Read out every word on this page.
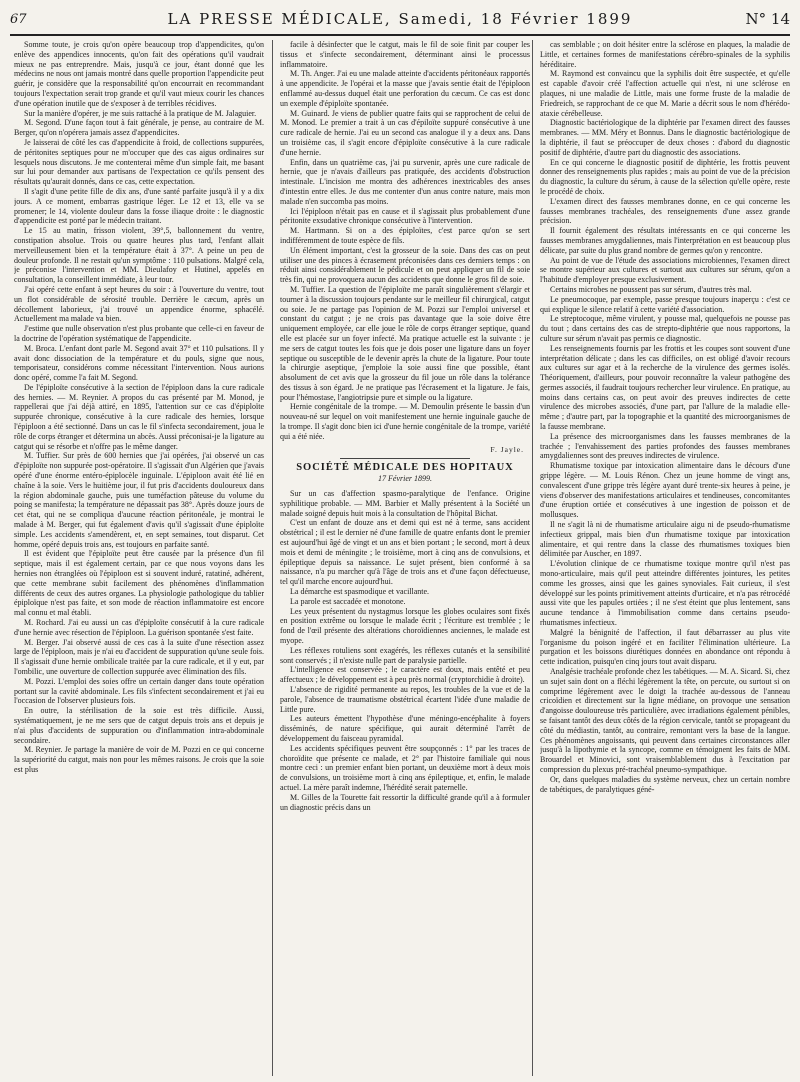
67	LA PRESSE MÉDICALE, Samedi, 18 Février 1899	N° 14

Somme toute, je crois qu'on opère beaucoup trop d'appendicites, qu'on enlève des appendices innocents, qu'on fait des opérations qu'il vaudrait mieux ne pas entreprendre. Mais, jusqu'à ce jour, étant donné que les médecins ne nous ont jamais montré dans quelle proportion l'appendicite peut guérir, je considère que la responsabilité qu'on encourrait en recommandant toujours l'expectation serait trop grande et qu'il vaut mieux courir les chances d'une opération inutile que de s'exposer à de terribles récidives.

Sur la manière d'opérer, je me suis rattaché à la pratique de M. Jalaguier.

M. Segond. D'une façon tout à fait générale, je pense, au contraire de M. Berger, qu'on n'opérera jamais assez d'appendicites.

Je laisserai de côté les cas d'appendicite à froid, de collections suppurées, de péritonites septiques pour ne m'occuper que des cas aigus ordinaires sur lesquels nous discutons. Je me contenterai même d'un simple fait, me basant sur lui pour demander aux partisans de l'expectation ce qu'ils pensent des résultats qu'aurait donnés, dans ce cas, cette expectation.

Il s'agit d'une petite fille de dix ans, d'une santé parfaite jusqu'à il y a dix jours. A ce moment, embarras gastrique léger. Le 12 et 13, elle va se promener; le 14, violente douleur dans la fosse iliaque droite : le diagnostic d'appendicite est porté par le médecin traitant.

Le 15 au matin, frisson violent, 39°,5, ballonnement du ventre, constipation absolue. Trois ou quatre heures plus tard, l'enfant allait merveilleusement bien et la température était à 37°. A peine un peu de douleur profonde. Il ne restait qu'un symptôme : 110 pulsations. Malgré cela, je préconise l'intervention et MM. Dieulafoy et Hutinel, appelés en consultation, la conseillent immédiate, à leur tour.

J'ai opéré cette enfant à sept heures du soir : à l'ouverture du ventre, tout un flot considérable de sérosité trouble. Derrière le cæcum, après un décollement laborieux, j'ai trouvé un appendice énorme, sphacélé. Actuellement ma malade va bien.

J'estime que nulle observation n'est plus probante que celle-ci en faveur de la doctrine de l'opération systématique de l'appendicite.

M. Broca. L'enfant dont parle M. Segond avait 37° et 110 pulsations. Il y avait donc dissociation de la température et du pouls, signe que nous, temporisateur, considérons comme nécessitant l'intervention. Nous aurions donc opéré, comme l'a fait M. Segond.

De l'épiploïte consécutive à la section de l'épiploon dans la cure radicale des hernies. — M. Reynier. A propos du cas présenté par M. Monod, je rappellerai que j'ai déjà attiré, en 1895, l'attention sur ce cas d'épiploïte suppurée chronique, consécutive à la cure radicale des hernies, lorsque l'épiploon a été sectionné. Dans un cas le fil s'infecta secondairement, joua le rôle de corps étranger et détermina un abcès. Aussi préconisai-je la ligature au catgut qui se résorbe et n'offre pas le même danger.

M. Tuffier. Sur près de 600 hernies que j'ai opérées, j'ai observé un cas d'épiploïte non suppurée post-opératoire. Il s'agissait d'un Algérien que j'avais opéré d'une énorme entéro-épiplocèle inguinale. L'épiploon avait été lié en chaîne à la soie. Vers le huitième jour, il fut pris d'accidents douloureux dans la région abdominale gauche, puis une tuméfaction pâteuse du volume du poing se manifesta; la température ne dépassait pas 38°. Après douze jours de cet état, qui ne se compliqua d'aucune réaction péritonéale, je montrai le malade à M. Berger, qui fut également d'avis qu'il s'agissait d'une épiploïte simple. Les accidents s'amendèrent, et, en sept semaines, tout disparut. Cet homme, opéré depuis trois ans, est toujours en parfaite santé.

Il est évident que l'épiploïte peut être causée par la présence d'un fil septique, mais il est également certain, par ce que nous voyons dans les hernies non étranglées où l'épiploon est si souvent induré, ratatiné, adhérent, que cette membrane subit facilement des phénomènes d'inflammation différents de ceux des autres organes. La physiologie pathologique du tablier épiploïque n'est pas faite, et son mode de réaction inflammatoire est encore mal connu et mal établi.

M. Rochard. J'ai eu aussi un cas d'épiploïte consécutif à la cure radicale d'une hernie avec résection de l'épiploon. La guérison spontanée s'est faite.

M. Berger. J'ai observé aussi de ces cas à la suite d'une résection assez large de l'épiploon, mais je n'ai eu d'accident de suppuration qu'une seule fois. Il s'agissait d'une hernie ombilicale traitée par la cure radicale, et il y eut, par l'ombilic, une ouverture de collection suppurée avec élimination des fils.

M. Pozzi. L'emploi des soies offre un certain danger dans toute opération portant sur la cavité abdominale. Les fils s'infectent secondairement et j'ai eu l'occasion de l'observer plusieurs fois.

En outre, la stérilisation de la soie est très difficile. Aussi, systématiquement, je ne me sers que de catgut depuis trois ans et depuis je n'ai plus d'accidents de suppuration ou d'inflammation intra-abdominale secondaire.

M. Reynier. Je partage la manière de voir de M. Pozzi en ce qui concerne la supériorité du catgut, mais non pour les mêmes raisons. Je crois que la soie est plus

facile à désinfecter que le catgut, mais le fil de soie finit par couper les tissus et s'infecte secondairement, déterminant ainsi le processus inflammatoire.

M. Th. Anger. J'ai eu une malade atteinte d'accidents péritonéaux rapportés à une appendicite. Je l'opérai et la masse que j'avais sentie était de l'épiploon enflammé au-dessus duquel était une perforation du cæcum. Ce cas est donc un exemple d'épiploïte spontanée.

M. Guinard. Je viens de publier quatre faits qui se rapprochent de celui de M. Monod. Le premier a trait à un cas d'épiloïte suppuré consécutive à une cure radicale de hernie. J'ai eu un second cas analogue il y a deux ans. Dans un troisième cas, il s'agit encore d'épiploïte consécutive à la cure radicale d'une hernie.

Enfin, dans un quatrième cas, j'ai pu survenir, après une cure radicale de hernie, que je n'avais d'ailleurs pas pratiquée, des accidents d'obstruction intestinale. L'incision me montra des adhérences inextricables des anses d'intestin entre elles. Je dus me contenter d'un anus contre nature, mais mon malade n'en succomba pas moins.

Ici l'épiploon n'était pas en cause et il s'agissait plus probablement d'une péritonite exsudative chronique consécutive à l'intervention.

M. Hartmann. Si on a des épiploïtes, c'est parce qu'on se sert indifféremment de toute espèce de fils.

Un élément important, c'est la grosseur de la soie. Dans des cas on peut utiliser une des pinces à écrasement préconisées dans ces derniers temps : on réduit ainsi considérablement le pédicule et on peut appliquer un fil de soie très fin, qui ne provoquera aucun des accidents que donne le gros fil de soie.

M. Tuffier. La question de l'épiploïte me paraît singulièrement s'élargir et tourner à la discussion toujours pendante sur le meilleur fil chirurgical, catgut ou soie. Je ne partage pas l'opinion de M. Pozzi sur l'emploi universel et constant du catgut ; je ne crois pas davantage que la soie doive être uniquement employée, car elle joue le rôle de corps étranger septique, quand elle est placée sur un foyer infecté. Ma pratique actuelle est la suivante : je me sers de catgut toutes les fois que je dois poser une ligature dans un foyer septique ou susceptible de le devenir après la chute de la ligature. Pour toute la chirurgie aseptique, j'emploie la soie aussi fine que possible, étant absolument de cet avis que la grosseur du fil joue un rôle dans la tolérance des tissus à son égard. Je ne pratique pas l'écrasement et la ligature. Je fais, pour l'hémostase, l'angiotripsie pure et simple ou la ligature.

Hernie congénitale de la trompe. — M. Demoulin présente le bassin d'un nouveau-né sur lequel on voit manifestement une hernie inguinale gauche de la trompe. Il s'agit donc bien ici d'une hernie congénitale de la trompe, variété qui a été niée.

F. Jayle.
SOCIÉTÉ MÉDICALE DES HOPITAUX
17 Février 1899.

Sur un cas d'affection spasmo-paralytique de l'enfance. Origine syphilitique probable. — MM. Barbier et Mally présentent à la Société un malade soigné depuis huit mois à la consultation de l'hôpital Bichat.

C'est un enfant de douze ans et demi qui est né à terme, sans accident obstétrical ; il est le dernier né d'une famille de quatre enfants dont le premier est aujourd'hui âgé de vingt et un ans et bien portant ; le second, mort à deux mois et demi de méningite ; le troisième, mort à cinq ans de convulsions, et épileptique depuis sa naissance. Le sujet présent, bien conformé à sa naissance, n'a pu marcher qu'à l'âge de trois ans et d'une façon défectueuse, tel qu'il marche encore aujourd'hui.

La démarche est spasmodique et vacillante.

La parole est saccadée et monotone.

Les yeux présentent du nystagmus lorsque les globes oculaires sont fixés en position extrême ou lorsque le malade écrit ; l'écriture est tremblée ; le fond de l'œil présente des altérations choroïdiennes anciennes, le malade est myope.

Les réflexes rotuliens sont exagérés, les réflexes cutanés et la sensibilité sont conservés ; il n'existe nulle part de paralysie partielle.

L'intelligence est conservée ; le caractère est doux, mais entêté et peu affectueux ; le développement est à peu près normal (cryptorchidie à droite).

L'absence de rigidité permanente au repos, les troubles de la vue et de la parole, l'absence de traumatisme obstétrical écartent l'idée d'une maladie de Little pure.

Les auteurs émettent l'hypothèse d'une méningo-encéphalite à foyers disséminés, de nature spécifique, qui aurait déterminé l'arrêt de développement du faisceau pyramidal.

Les accidents spécifiques peuvent être soupçonnés : 1° par les traces de choroïdite que présente ce malade, et 2° par l'histoire familiale qui nous montre ceci : un premier enfant bien portant, un deuxième mort à deux mois de convulsions, un troisième mort à cinq ans épileptique, et, enfin, le malade actuel. La mère paraît indemne, l'hérédité serait paternelle.

M. Gilles de la Tourette fait ressortir la difficulté grande qu'il a à formuler un diagnostic précis dans un

cas semblable ; on doit hésiter entre la sclérose en plaques, la maladie de Little, et certaines formes de manifestations cérébro-spinales de la syphilis héréditaire.

M. Raymond est convaincu que la syphilis doit être suspectée, et qu'elle est capable d'avoir créé l'affection actuelle qui n'est, ni une sclérose en plaques, ni une maladie de Little, mais une forme fruste de la maladie de Friedreich, se rapprochant de ce que M. Marie a décrit sous le nom d'hérédo-ataxie cérébelleuse.

Diagnostic bactériologique de la diphtérie par l'examen direct des fausses membranes. — MM. Méry et Bonnus. Dans le diagnostic bactériologique de la diphtérie, il faut se préoccuper de deux choses : d'abord du diagnostic positif de diphtérie, d'autre part du diagnostic des associations.

En ce qui concerne le diagnostic positif de diphtérie, les frottis peuvent donner des renseignements plus rapides ; mais au point de vue de la précision du diagnostic, la culture du sérum, à cause de la sélection qu'elle opère, reste le procédé de choix.

L'examen direct des fausses membranes donne, en ce qui concerne les fausses membranes trachéales, des renseignements d'une assez grande précision.

Il fournit également des résultats intéressants en ce qui concerne les fausses membranes amygdaliennes, mais l'interprétation en est beaucoup plus délicate, par suite du plus grand nombre de germes qu'on y rencontre.

Au point de vue de l'étude des associations microbiennes, l'examen direct se montre supérieur aux cultures et surtout aux cultures sur sérum, qu'on a l'habitude d'employer presque exclusivement.

Certains microbes ne poussent pas sur sérum, d'autres très mal.

Le pneumocoque, par exemple, passe presque toujours inaperçu : c'est ce qui explique le silence relatif à cette variété d'association.

Le streptocoque, même virulent, y pousse mal, quelquefois ne pousse pas du tout ; dans certains des cas de strepto-diphtérie que nous rapportons, la culture sur sérum n'avait pas permis ce diagnostic.

Les renseignements fournis par les frottis et les coupes sont souvent d'une interprétation délicate ; dans les cas difficiles, on est obligé d'avoir recours aux cultures sur agar et à la recherche de la virulence des germes isolés. Théoriquement, d'ailleurs, pour pouvoir reconnaître la valeur pathogène des germes associés, il faudrait toujours rechercher leur virulence. En pratique, au moins dans certains cas, on peut avoir des preuves indirectes de cette virulence des microbes associés, d'une part, par l'allure de la maladie elle-même ; d'autre part, par la topographie et la quantité des microorganismes de la fausse membrane.

La présence des microorganismes dans les fausses membranes de la trachée ; l'envahissement des parties profondes des fausses membranes amygdaliennes sont des preuves indirectes de virulence.

Rhumatisme toxique par intoxication alimentaire dans le décours d'une grippe légère. — M. Louis Rénon. Chez un jeune homme de vingt ans, convalescent d'une grippe très légère ayant duré trente-six heures à peine, je viens d'observer des manifestations articulaires et tendineuses, concomitantes d'une éruption ortiée et consécutives à une ingestion de poisson et de mollusques.

Il ne s'agit là ni de rhumatisme articulaire aigu ni de pseudo-rhumatisme infectieux grippal, mais bien d'un rhumatisme toxique par intoxication alimentaire, et qui rentre dans la classe des rhumatismes toxiques bien délimitée par Auscher, en 1897.

L'évolution clinique de ce rhumatisme toxique montre qu'il n'est pas mono-articulaire, mais qu'il peut atteindre différentes jointures, les petites comme les grosses, ainsi que les gaines synoviales. Fait curieux, il s'est développé sur les points primitivement atteints d'urticaire, et n'a pas rétrocédé aussi vite que les papules ortiées ; il ne s'est éteint que plus lentement, sans aucune tendance à l'immobilisation comme dans certains pseudo-rhumatismes infectieux.

Malgré la bénignité de l'affection, il faut débarrasser au plus vite l'organisme du poison ingéré et en faciliter l'élimination ultérieure. La purgation et les boissons diurétiques données en abondance ont répondu à cette indication, puisqu'en cinq jours tout avait disparu.

Analgésie trachéale profonde chez les tabétiques. — M. A. Sicard. Si, chez un sujet sain dont on a fléchi légèrement la tête, on percute, ou surtout si on comprime légèrement avec le doigt la trachée au-dessous de l'anneau cricoïdien et directement sur la ligne médiane, on provoque une sensation d'angoisse douloureuse très particulière, avec irradiations également pénibles, se faisant tantôt des deux côtés de la région cervicale, tantôt se propageant du côté du médiastin, tantôt, au contraire, remontant vers la base de la langue. Ces phénomènes angoissants, qui peuvent dans certaines circonstances aller jusqu'à la lipothymie et la syncope, comme en témoignent les faits de MM. Brouardel et Minovici, sont vraisemblablement dus à l'excitation par compression du plexus pré-trachéal pneumo-sympathique.

Or, dans quelques maladies du système nerveux, chez un certain nombre de tabétiques, de paralytiques géné-
